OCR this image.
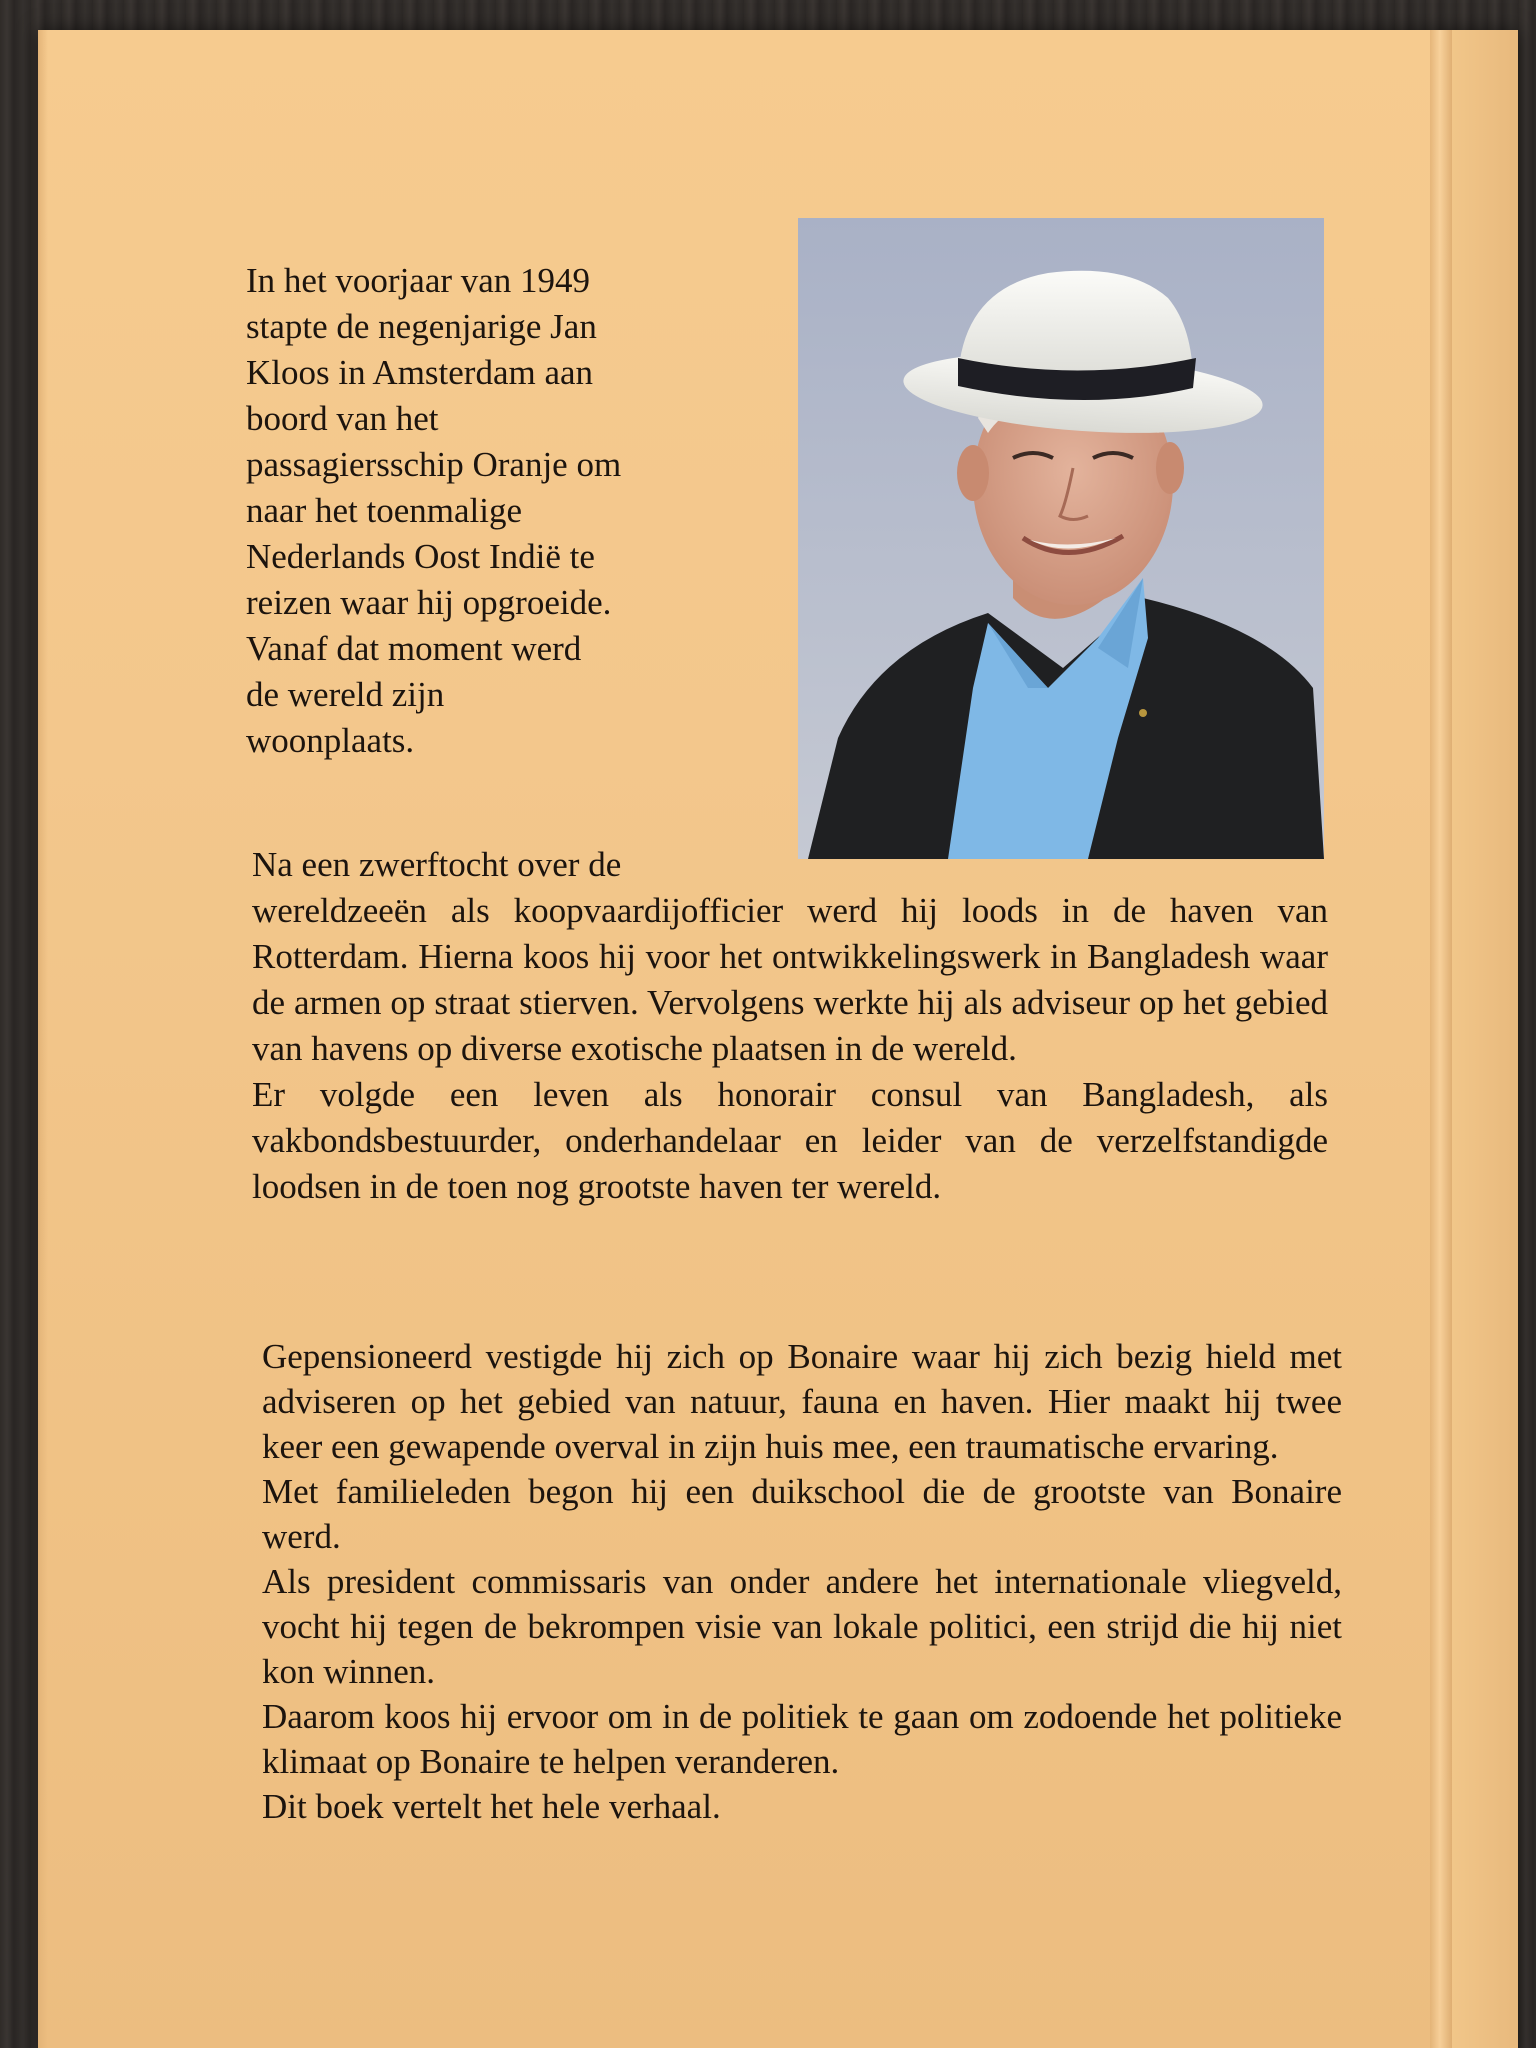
In het voorjaar van 1949
stapte de negenjarige Jan
Kloos in Amsterdam aan
boord van het
passagiersschip Oranje om
naar het toenmalige
Nederlands Oost Indië te
reizen waar hij opgroeide.
Vanaf dat moment werd
de wereld zijn
woonplaats.

Na een zwerftocht over de

wereldzeeën als koopvaardijofficier werd hij loods in de haven van Rotterdam. Hierna koos hij voor het ontwikkelingswerk in Bangladesh waar de armen op straat stierven. Vervolgens werkte hij als adviseur op het gebied van havens op diverse exotische plaatsen in de wereld.

Er volgde een leven als honorair consul van Bangladesh, als vakbondsbestuurder, onderhandelaar en leider van de verzelfstandigde loodsen in de toen nog grootste haven ter wereld.

Gepensioneerd vestigde hij zich op Bonaire waar hij zich bezig hield met adviseren op het gebied van natuur, fauna en haven. Hier maakt hij twee keer een gewapende overval in zijn huis mee, een traumatische ervaring.

Met familieleden begon hij een duikschool die de grootste van Bonaire werd.

Als president commissaris van onder andere het internationale vliegveld, vocht hij tegen de bekrompen visie van lokale politici, een strijd die hij niet kon winnen.

Daarom koos hij ervoor om in de politiek te gaan om zodoende het politieke klimaat op Bonaire te helpen veranderen.

Dit boek vertelt het hele verhaal.
